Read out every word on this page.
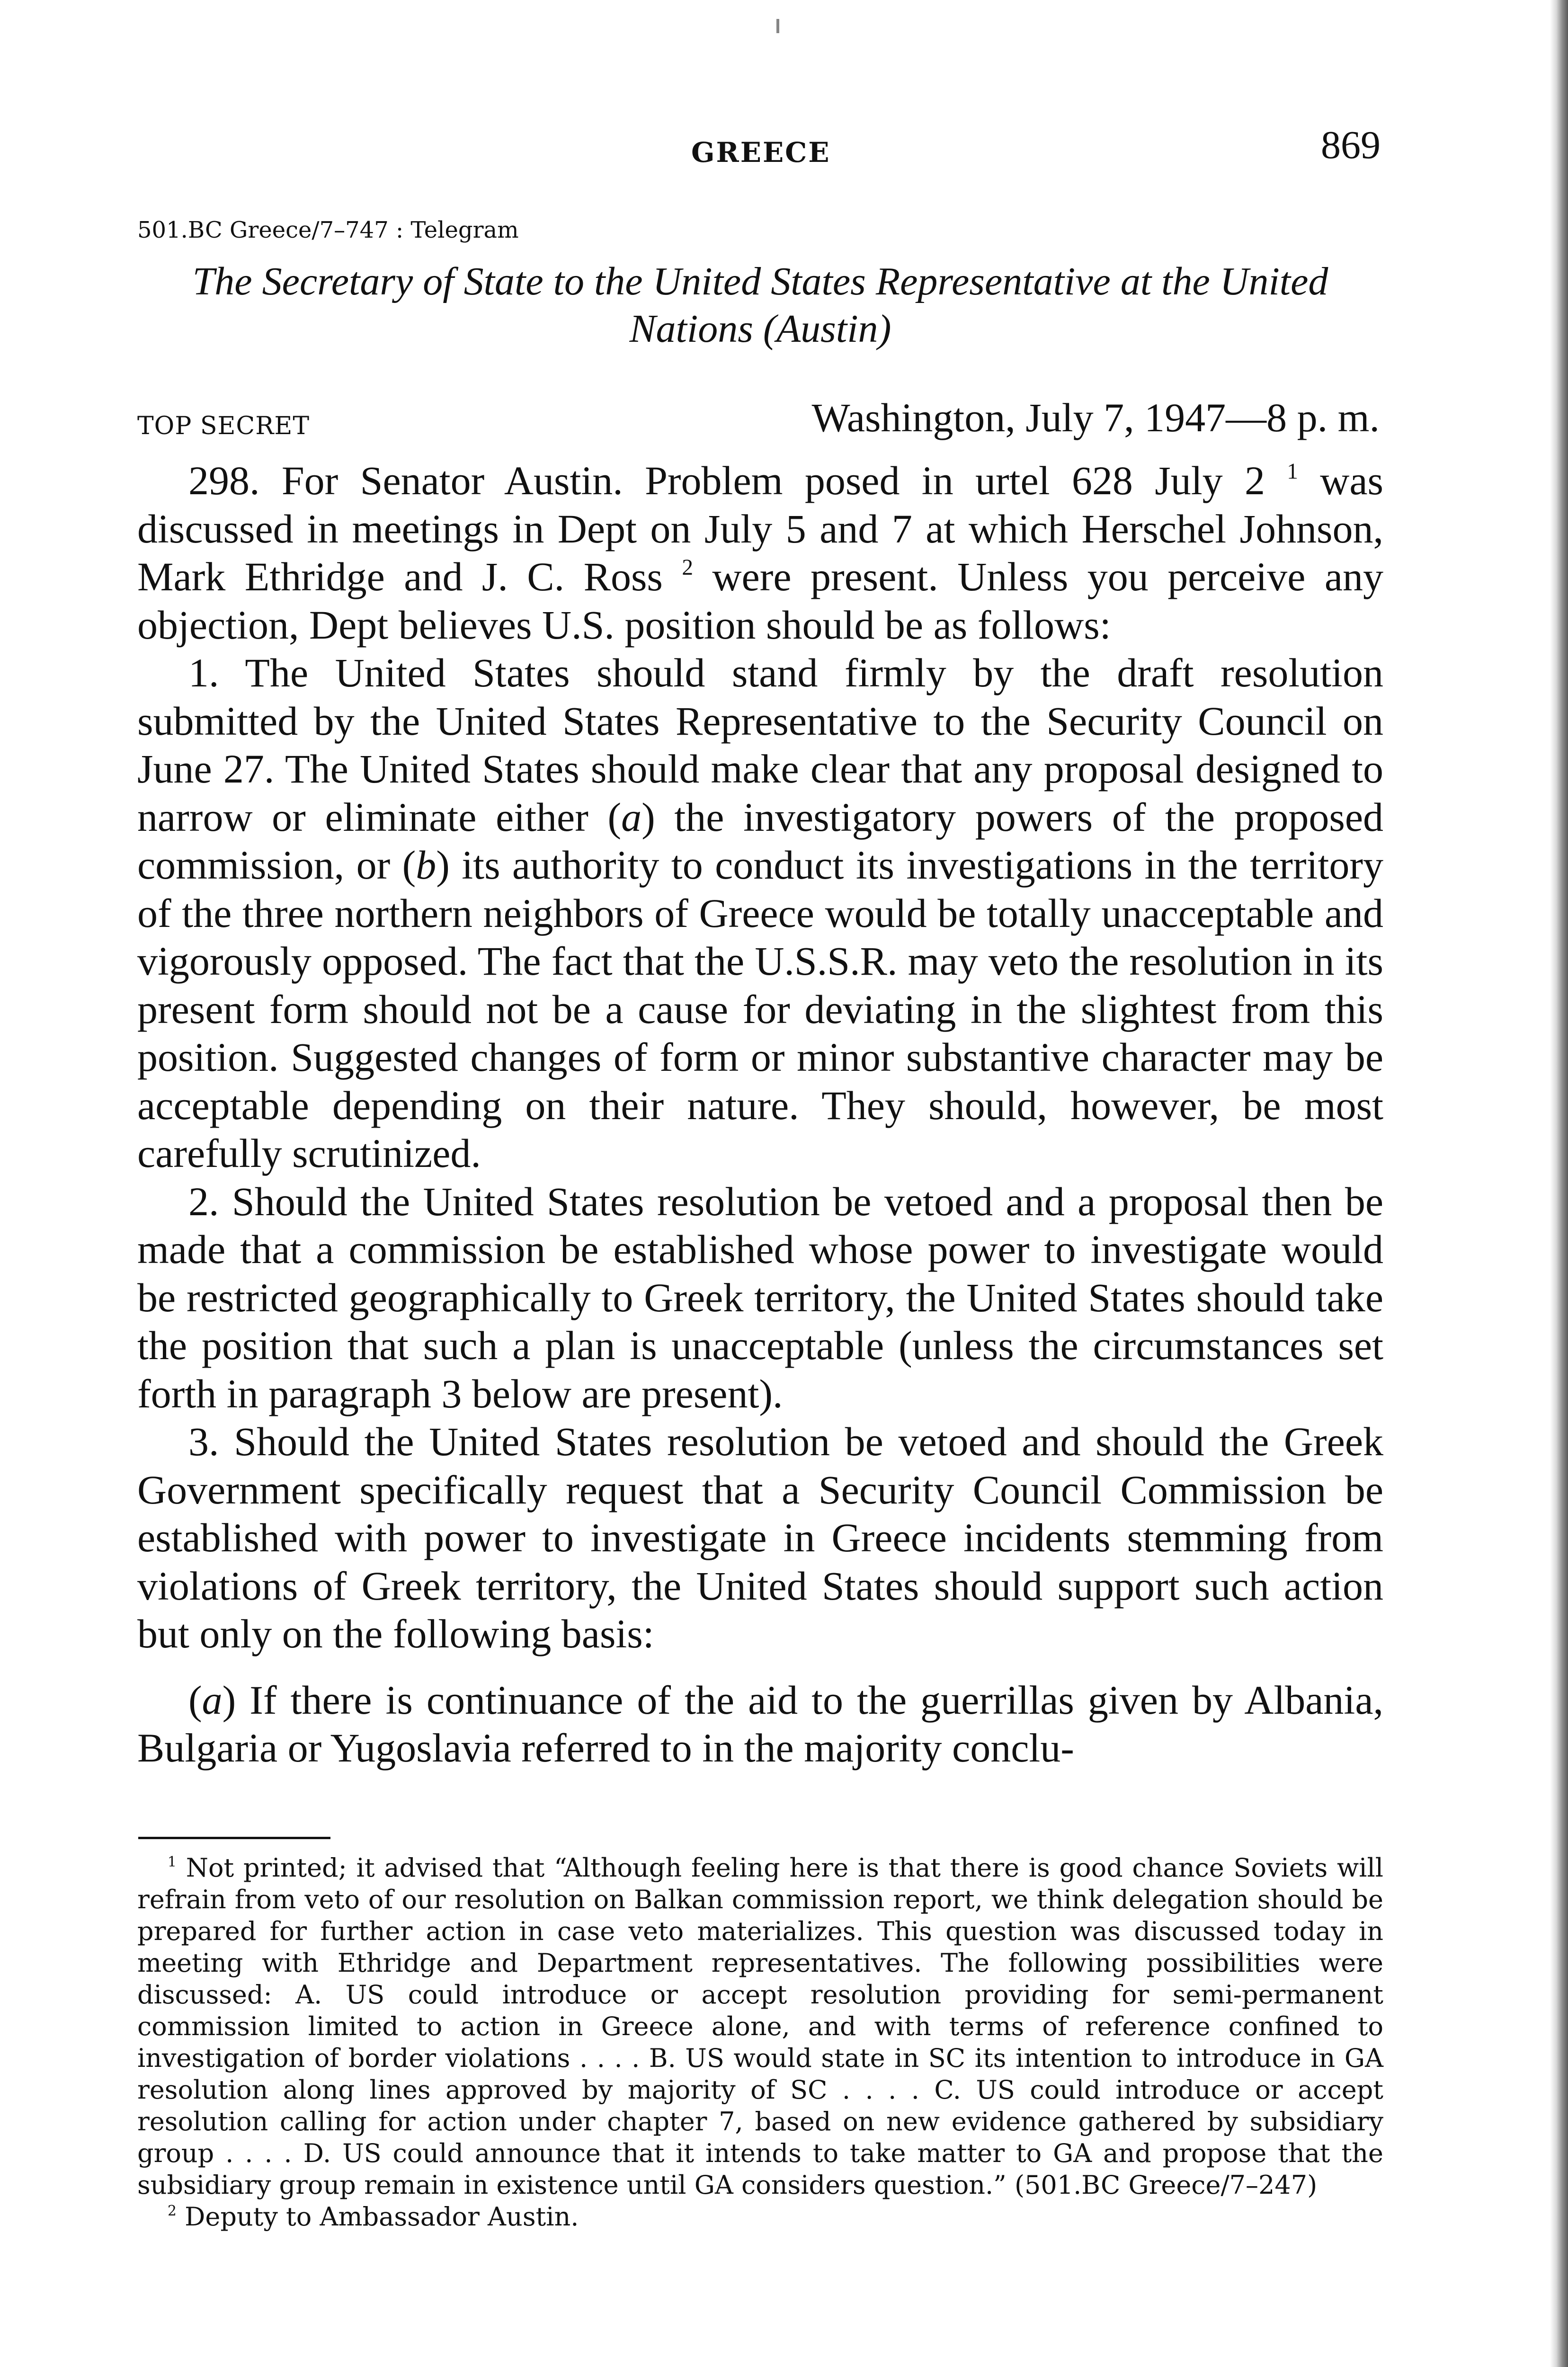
GREECE	869
501.BC Greece/7–747 : Telegram
The Secretary of State to the United States Representative at the United Nations (Austin)
TOP SECRET	Washington, July 7, 1947—8 p. m.

298. For Senator Austin. Problem posed in urtel 628 July 2 $^1$ was discussed in meetings in Dept on July 5 and 7 at which Herschel Johnson, Mark Ethridge and J. C. Ross $^2$ were present. Unless you perceive any objection, Dept believes U.S. position should be as follows:

1. The United States should stand firmly by the draft resolution submitted by the United States Representative to the Security Council on June 27. The United States should make clear that any proposal designed to narrow or eliminate either (a) the investigatory powers of the proposed commission, or (b) its authority to conduct its investigations in the territory of the three northern neighbors of Greece would be totally unacceptable and vigorously opposed. The fact that the U.S.S.R. may veto the resolution in its present form should not be a cause for deviating in the slightest from this position. Suggested changes of form or minor substantive character may be acceptable depending on their nature. They should, however, be most carefully scrutinized.

2. Should the United States resolution be vetoed and a proposal then be made that a commission be established whose power to investigate would be restricted geographically to Greek territory, the United States should take the position that such a plan is unacceptable (unless the circumstances set forth in paragraph 3 below are present).

3. Should the United States resolution be vetoed and should the Greek Government specifically request that a Security Council Commission be established with power to investigate in Greece incidents stemming from violations of Greek territory, the United States should support such action but only on the following basis:

(a) If there is continuance of the aid to the guerrillas given by Albania, Bulgaria or Yugoslavia referred to in the majority conclu-

$^1$ Not printed; it advised that “Although feeling here is that there is good chance Soviets will refrain from veto of our resolution on Balkan commission report, we think delegation should be prepared for further action in case veto materializes. This question was discussed today in meeting with Ethridge and Department representatives. The following possibilities were discussed: A. US could introduce or accept resolution providing for semi-permanent commission limited to action in Greece alone, and with terms of reference confined to investigation of border violations . . . . B. US would state in SC its intention to introduce in GA resolution along lines approved by majority of SC . . . . C. US could introduce or accept resolution calling for action under chapter 7, based on new evidence gathered by subsidiary group . . . . D. US could announce that it intends to take matter to GA and propose that the subsidiary group remain in existence until GA considers question.” (501.BC Greece/7–247)

$^2$ Deputy to Ambassador Austin.
